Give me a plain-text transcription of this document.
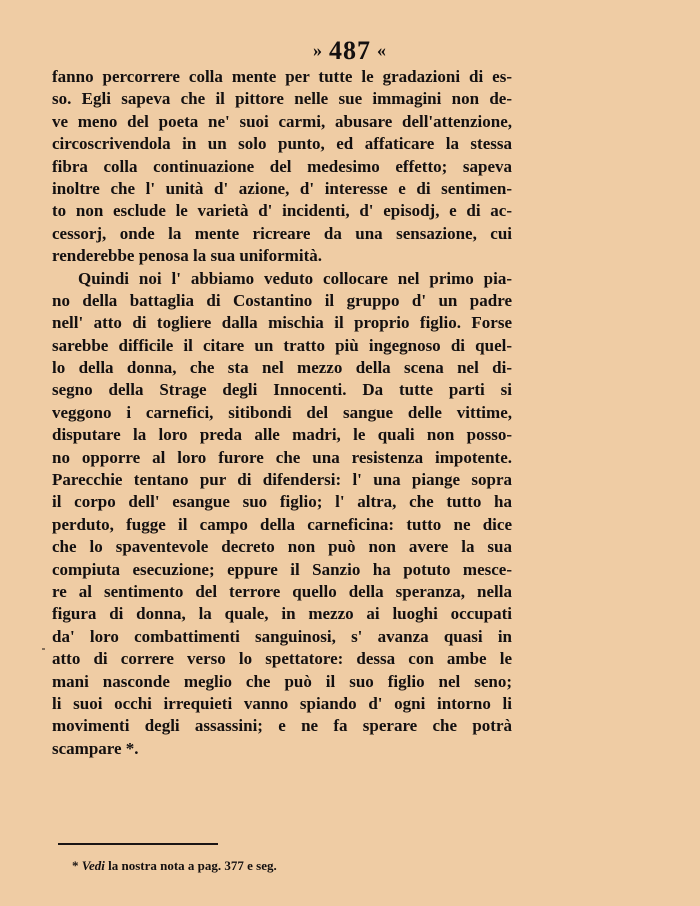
» 487 «
fanno percorrere colla mente per tutte le gradazioni di es-
so. Egli sapeva che il pittore nelle sue immagini non de-
ve meno del poeta ne' suoi carmi, abusare dell'attenzione,
circoscrivendola in un solo punto, ed affaticare la stessa
fibra colla continuazione del medesimo effetto; sapeva
inoltre che l' unità d' azione, d' interesse e di sentimen-
to non esclude le varietà d' incidenti, d' episodj, e di ac-
cessorj, onde la mente ricreare da una sensazione, cui
renderebbe penosa la sua uniformità.
Quindi noi l' abbiamo veduto collocare nel primo pia-
no della battaglia di Costantino il gruppo d' un padre
nell' atto di togliere dalla mischia il proprio figlio. Forse
sarebbe difficile il citare un tratto più ingegnoso di quel-
lo della donna, che sta nel mezzo della scena nel di-
segno della Strage degli Innocenti. Da tutte parti si
veggono i carnefici, sitibondi del sangue delle vittime,
disputare la loro preda alle madri, le quali non posso-
no opporre al loro furore che una resistenza impotente.
Parecchie tentano pur di difendersi: l' una piange sopra
il corpo dell' esangue suo figlio; l' altra, che tutto ha
perduto, fugge il campo della carneficina: tutto ne dice
che lo spaventevole decreto non può non avere la sua
compiuta esecuzione; eppure il Sanzio ha potuto mesce-
re al sentimento del terrore quello della speranza, nella
figura di donna, la quale, in mezzo ai luoghi occupati
da' loro combattimenti sanguinosi, s' avanza quasi in
atto di correre verso lo spettatore: dessa con ambe le
mani nasconde meglio che può il suo figlio nel seno;
li suoi occhi irrequieti vanno spiando d' ogni intorno li
movimenti degli assassini; e ne fa sperare che potrà
scampare *.
* Vedi la nostra nota a pag. 377 e seg.
